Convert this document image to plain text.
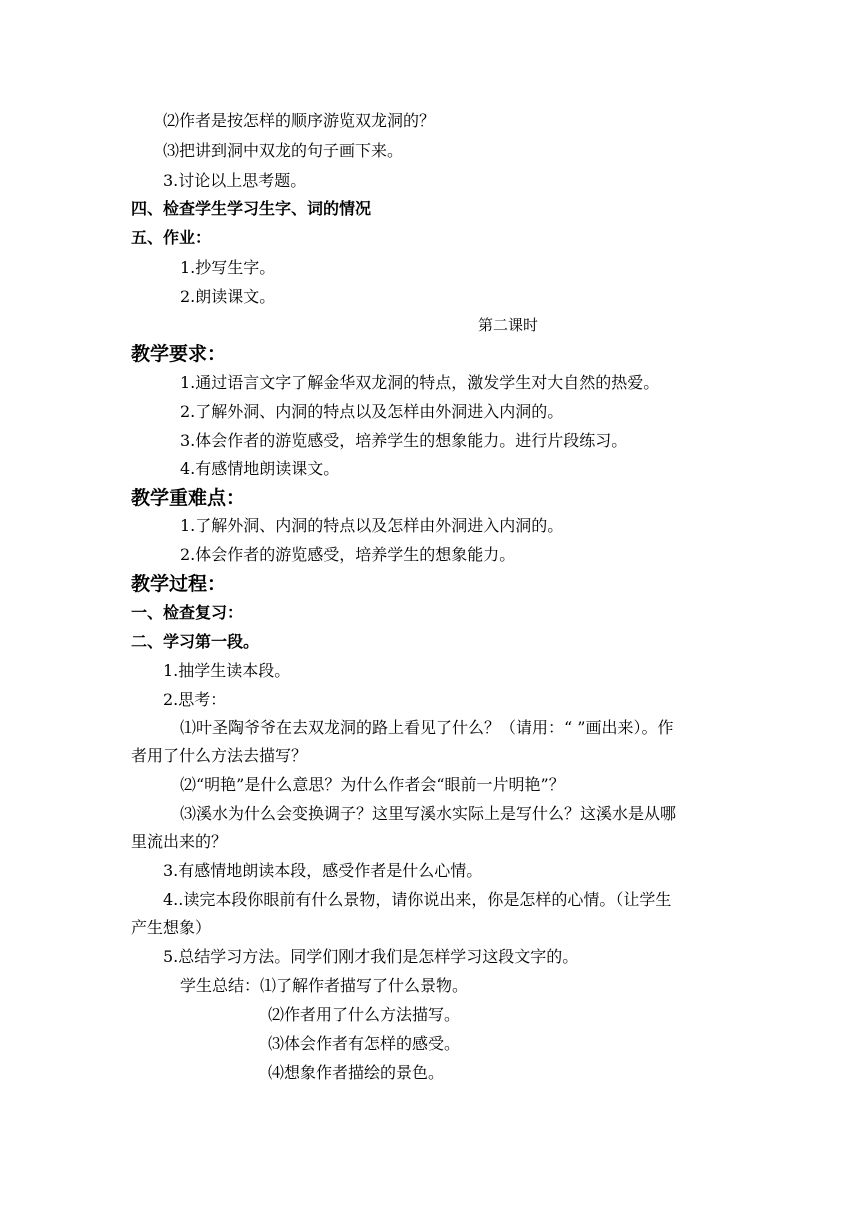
⑵作者是按怎样的顺序游览双龙洞的？
⑶把讲到洞中双龙的句子画下来。
3.讨论以上思考题。
四、检查学生学习生字、词的情况
五、作业：
1.抄写生字。
2.朗读课文。
第二课时
教学要求：
1.通过语言文字了解金华双龙洞的特点，激发学生对大自然的热爱。
2.了解外洞、内洞的特点以及怎样由外洞进入内洞的。
3.体会作者的游览感受，培养学生的想象能力。进行片段练习。
4.有感情地朗读课文。
教学重难点：
1.了解外洞、内洞的特点以及怎样由外洞进入内洞的。
2.体会作者的游览感受，培养学生的想象能力。
教学过程：
一、检查复习：
二、学习第一段。
1.抽学生读本段。
2.思考：
⑴叶圣陶爷爷在去双龙洞的路上看见了什么？（请用：“ ”画出来）。作
者用了什么方法去描写？
⑵“明艳”是什么意思？为什么作者会“眼前一片明艳”？
⑶溪水为什么会变换调子？这里写溪水实际上是写什么？这溪水是从哪
里流出来的？
3.有感情地朗读本段，感受作者是什么心情。
4..读完本段你眼前有什么景物，请你说出来，你是怎样的心情。（让学生
产生想象）
5.总结学习方法。同学们刚才我们是怎样学习这段文字的。
学生总结：⑴了解作者描写了什么景物。
⑵作者用了什么方法描写。
⑶体会作者有怎样的感受。
⑷想象作者描绘的景色。
